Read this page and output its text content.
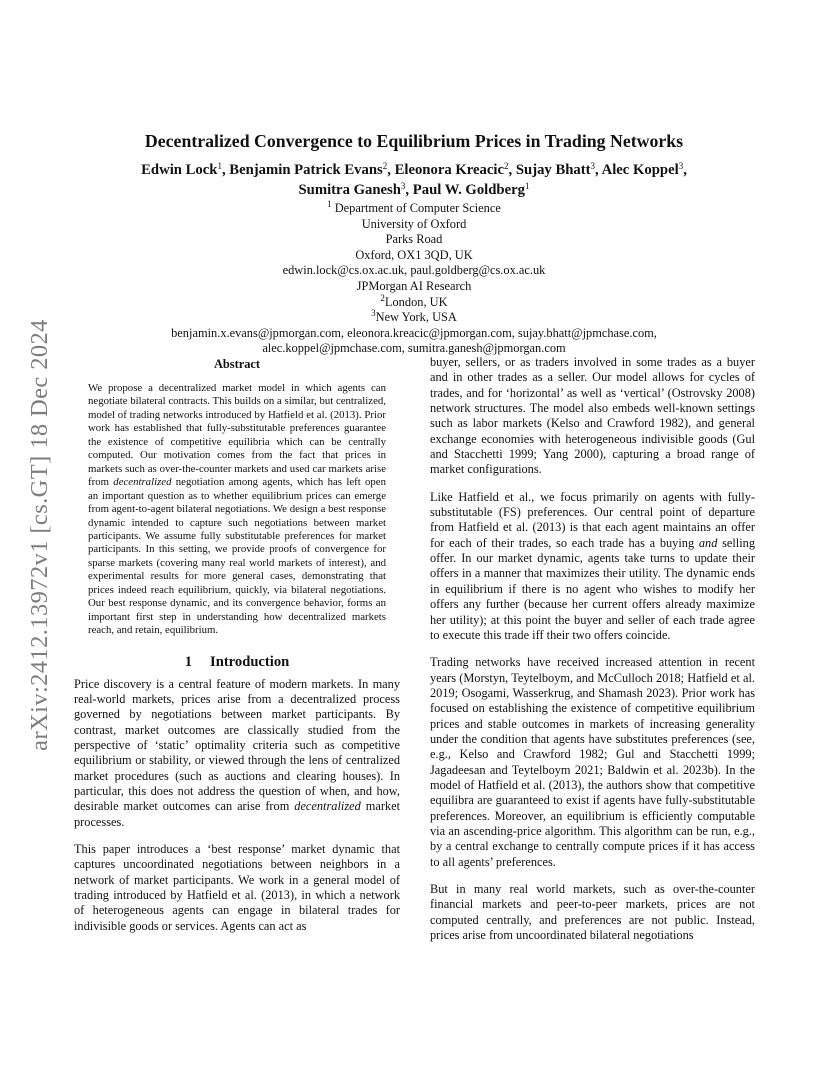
arXiv:2412.13972v1 [cs.GT] 18 Dec 2024
Decentralized Convergence to Equilibrium Prices in Trading Networks
Edwin Lock$^1$, Benjamin Patrick Evans$^2$, Eleonora Kreacic$^2$, Sujay Bhatt$^3$, Alec Koppel$^3$,
Sumitra Ganesh$^3$, Paul W. Goldberg$^1$
$^1$ Department of Computer Science
University of Oxford
Parks Road
Oxford, OX1 3QD, UK
edwin.lock@cs.ox.ac.uk, paul.goldberg@cs.ox.ac.uk
JPMorgan AI Research
$^2$London, UK
$^3$New York, USA
benjamin.x.evans@jpmorgan.com, eleonora.kreacic@jpmorgan.com, sujay.bhatt@jpmchase.com,
alec.koppel@jpmchase.com, sumitra.ganesh@jpmorgan.com
Abstract
We propose a decentralized market model in which agents can negotiate bilateral contracts. This builds on a similar, but centralized, model of trading networks introduced by Hatfield et al. (2013). Prior work has established that fully-substitutable preferences guarantee the existence of competitive equilibria which can be centrally computed. Our motivation comes from the fact that prices in markets such as over-the-counter markets and used car markets arise from decentralized negotiation among agents, which has left open an important question as to whether equilibrium prices can emerge from agent-to-agent bilateral negotiations. We design a best response dynamic intended to capture such negotiations between market participants. We assume fully substitutable preferences for market participants. In this setting, we provide proofs of convergence for sparse markets (covering many real world markets of interest), and experimental results for more general cases, demonstrating that prices indeed reach equilibrium, quickly, via bilateral negotiations. Our best response dynamic, and its convergence behavior, forms an important first step in understanding how decentralized markets reach, and retain, equilibrium.
1 Introduction

Price discovery is a central feature of modern markets. In many real-world markets, prices arise from a decentralized process governed by negotiations between market participants. By contrast, market outcomes are classically studied from the perspective of ‘static’ optimality criteria such as competitive equilibrium or stability, or viewed through the lens of centralized market procedures (such as auctions and clearing houses). In particular, this does not address the question of when, and how, desirable market outcomes can arise from decentralized market processes.

This paper introduces a ‘best response’ market dynamic that captures uncoordinated negotiations between neighbors in a network of market participants. We work in a general model of trading introduced by Hatfield et al. (2013), in which a network of heterogeneous agents can engage in bilateral trades for indivisible goods or services. Agents can act as

buyer, sellers, or as traders involved in some trades as a buyer and in other trades as a seller. Our model allows for cycles of trades, and for ‘horizontal’ as well as ‘vertical’ (Ostrovsky 2008) network structures. The model also embeds well-known settings such as labor markets (Kelso and Crawford 1982), and general exchange economies with heterogeneous indivisible goods (Gul and Stacchetti 1999; Yang 2000), capturing a broad range of market configurations.

Like Hatfield et al., we focus primarily on agents with fully-substitutable (FS) preferences. Our central point of departure from Hatfield et al. (2013) is that each agent maintains an offer for each of their trades, so each trade has a buying and selling offer. In our market dynamic, agents take turns to update their offers in a manner that maximizes their utility. The dynamic ends in equilibrium if there is no agent who wishes to modify her offers any further (because her current offers already maximize her utility); at this point the buyer and seller of each trade agree to execute this trade iff their two offers coincide.

Trading networks have received increased attention in recent years (Morstyn, Teytelboym, and McCulloch 2018; Hatfield et al. 2019; Osogami, Wasserkrug, and Shamash 2023). Prior work has focused on establishing the existence of competitive equilibrium prices and stable outcomes in markets of increasing generality under the condition that agents have substitutes preferences (see, e.g., Kelso and Crawford 1982; Gul and Stacchetti 1999; Jagadeesan and Teytelboym 2021; Baldwin et al. 2023b). In the model of Hatfield et al. (2013), the authors show that competitive equilibra are guaranteed to exist if agents have fully-substitutable preferences. Moreover, an equilibrium is efficiently computable via an ascending-price algorithm. This algorithm can be run, e.g., by a central exchange to centrally compute prices if it has access to all agents’ preferences.

But in many real world markets, such as over-the-counter financial markets and peer-to-peer markets, prices are not computed centrally, and preferences are not public. Instead, prices arise from uncoordinated bilateral negotiations
